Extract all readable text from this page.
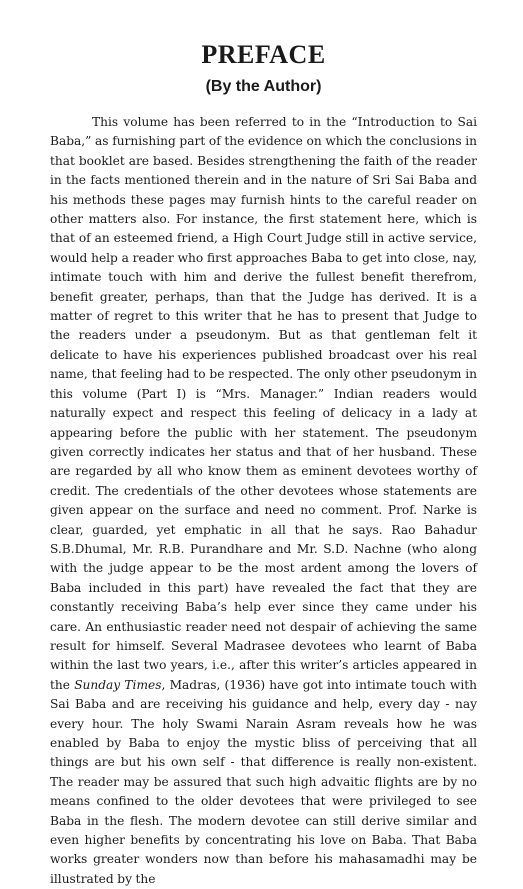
PREFACE
(By the Author)

This volume has been referred to in the “Introduction to Sai Baba,” as furnishing part of the evidence on which the conclusions in that booklet are based. Besides strengthening the faith of the reader in the facts mentioned therein and in the nature of Sri Sai Baba and his methods these pages may furnish hints to the careful reader on other matters also. For instance, the first statement here, which is that of an esteemed friend, a High Court Judge still in active service, would help a reader who first approaches Baba to get into close, nay, intimate touch with him and derive the fullest benefit therefrom, benefit greater, perhaps, than that the Judge has derived. It is a matter of regret to this writer that he has to present that Judge to the readers under a pseudonym. But as that gentleman felt it delicate to have his experiences published broadcast over his real name, that feeling had to be respected. The only other pseudonym in this volume (Part I) is “Mrs. Manager.” Indian readers would naturally expect and respect this feeling of delicacy in a lady at appearing before the public with her statement. The pseudonym given correctly indicates her status and that of her husband. These are regarded by all who know them as eminent devotees worthy of credit. The credentials of the other devotees whose statements are given appear on the surface and need no comment. Prof. Narke is clear, guarded, yet emphatic in all that he says. Rao Bahadur S.B.Dhumal, Mr. R.B. Purandhare and Mr. S.D. Nachne (who along with the judge appear to be the most ardent among the lovers of Baba included in this part) have revealed the fact that they are constantly receiving Baba’s help ever since they came under his care. An enthusiastic reader need not despair of achieving the same result for himself. Several Madrasee devotees who learnt of Baba within the last two years, i.e., after this writer’s articles appeared in the Sunday Times, Madras, (1936) have got into intimate touch with Sai Baba and are receiving his guidance and help, every day - nay every hour. The holy Swami Narain Asram reveals how he was enabled by Baba to enjoy the mystic bliss of perceiving that all things are but his own self - that difference is really non-existent. The reader may be assured that such high advaitic flights are by no means confined to the older devotees that were privileged to see Baba in the flesh. The modern devotee can still derive similar and even higher benefits by concentrating his love on Baba. That Baba works greater wonders now than before his mahasamadhi may be illustrated by the
